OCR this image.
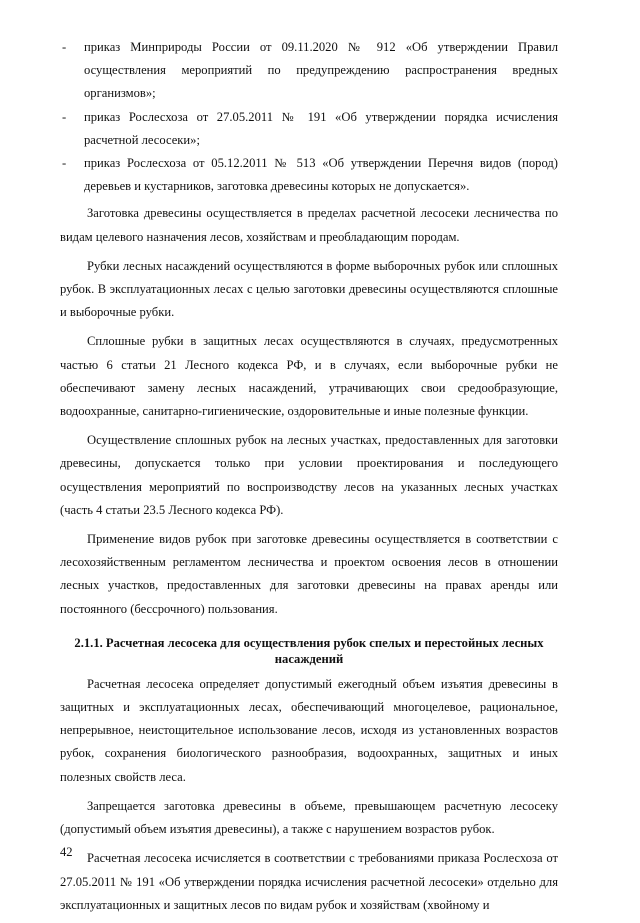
- приказ Минприроды России от 09.11.2020 № 912 «Об утверждении Правил осуществления мероприятий по предупреждению распространения вредных организмов»;
- приказ Рослесхоза от 27.05.2011 № 191 «Об утверждении порядка исчисления расчетной лесосеки»;
- приказ Рослесхоза от 05.12.2011 № 513 «Об утверждении Перечня видов (пород) деревьев и кустарников, заготовка древесины которых не допускается».

Заготовка древесины осуществляется в пределах расчетной лесосеки лесничества по видам целевого назначения лесов, хозяйствам и преобладающим породам.

Рубки лесных насаждений осуществляются в форме выборочных рубок или сплошных рубок. В эксплуатационных лесах с целью заготовки древесины осуществляются сплошные и выборочные рубки.

Сплошные рубки в защитных лесах осуществляются в случаях, предусмотренных частью 6 статьи 21 Лесного кодекса РФ, и в случаях, если выборочные рубки не обеспечивают замену лесных насаждений, утрачивающих свои средообразующие, водоохранные, санитарно-гигиенические, оздоровительные и иные полезные функции.

Осуществление сплошных рубок на лесных участках, предоставленных для заготовки древесины, допускается только при условии проектирования и последующего осуществления мероприятий по воспроизводству лесов на указанных лесных участках (часть 4 статьи 23.5 Лесного кодекса РФ).

Применение видов рубок при заготовке древесины осуществляется в соответствии с лесохозяйственным регламентом лесничества и проектом освоения лесов в отношении лесных участков, предоставленных для заготовки древесины на правах аренды или постоянного (бессрочного) пользования.

2.1.1. Расчетная лесосека для осуществления рубок спелых и перестойных лесных насаждений

Расчетная лесосека определяет допустимый ежегодный объем изъятия древесины в защитных и эксплуатационных лесах, обеспечивающий многоцелевое, рациональное, непрерывное, неистощительное использование лесов, исходя из установленных возрастов рубок, сохранения биологического разнообразия, водоохранных, защитных и иных полезных свойств леса.

Запрещается заготовка древесины в объеме, превышающем расчетную лесосеку (допустимый объем изъятия древесины), а также с нарушением возрастов рубок.

Расчетная лесосека исчисляется в соответствии с требованиями приказа Рослесхоза от 27.05.2011 № 191 «Об утверждении порядка исчисления расчетной лесосеки» отдельно для эксплуатационных и защитных лесов по видам рубок и хозяйствам (хвойному и

42
